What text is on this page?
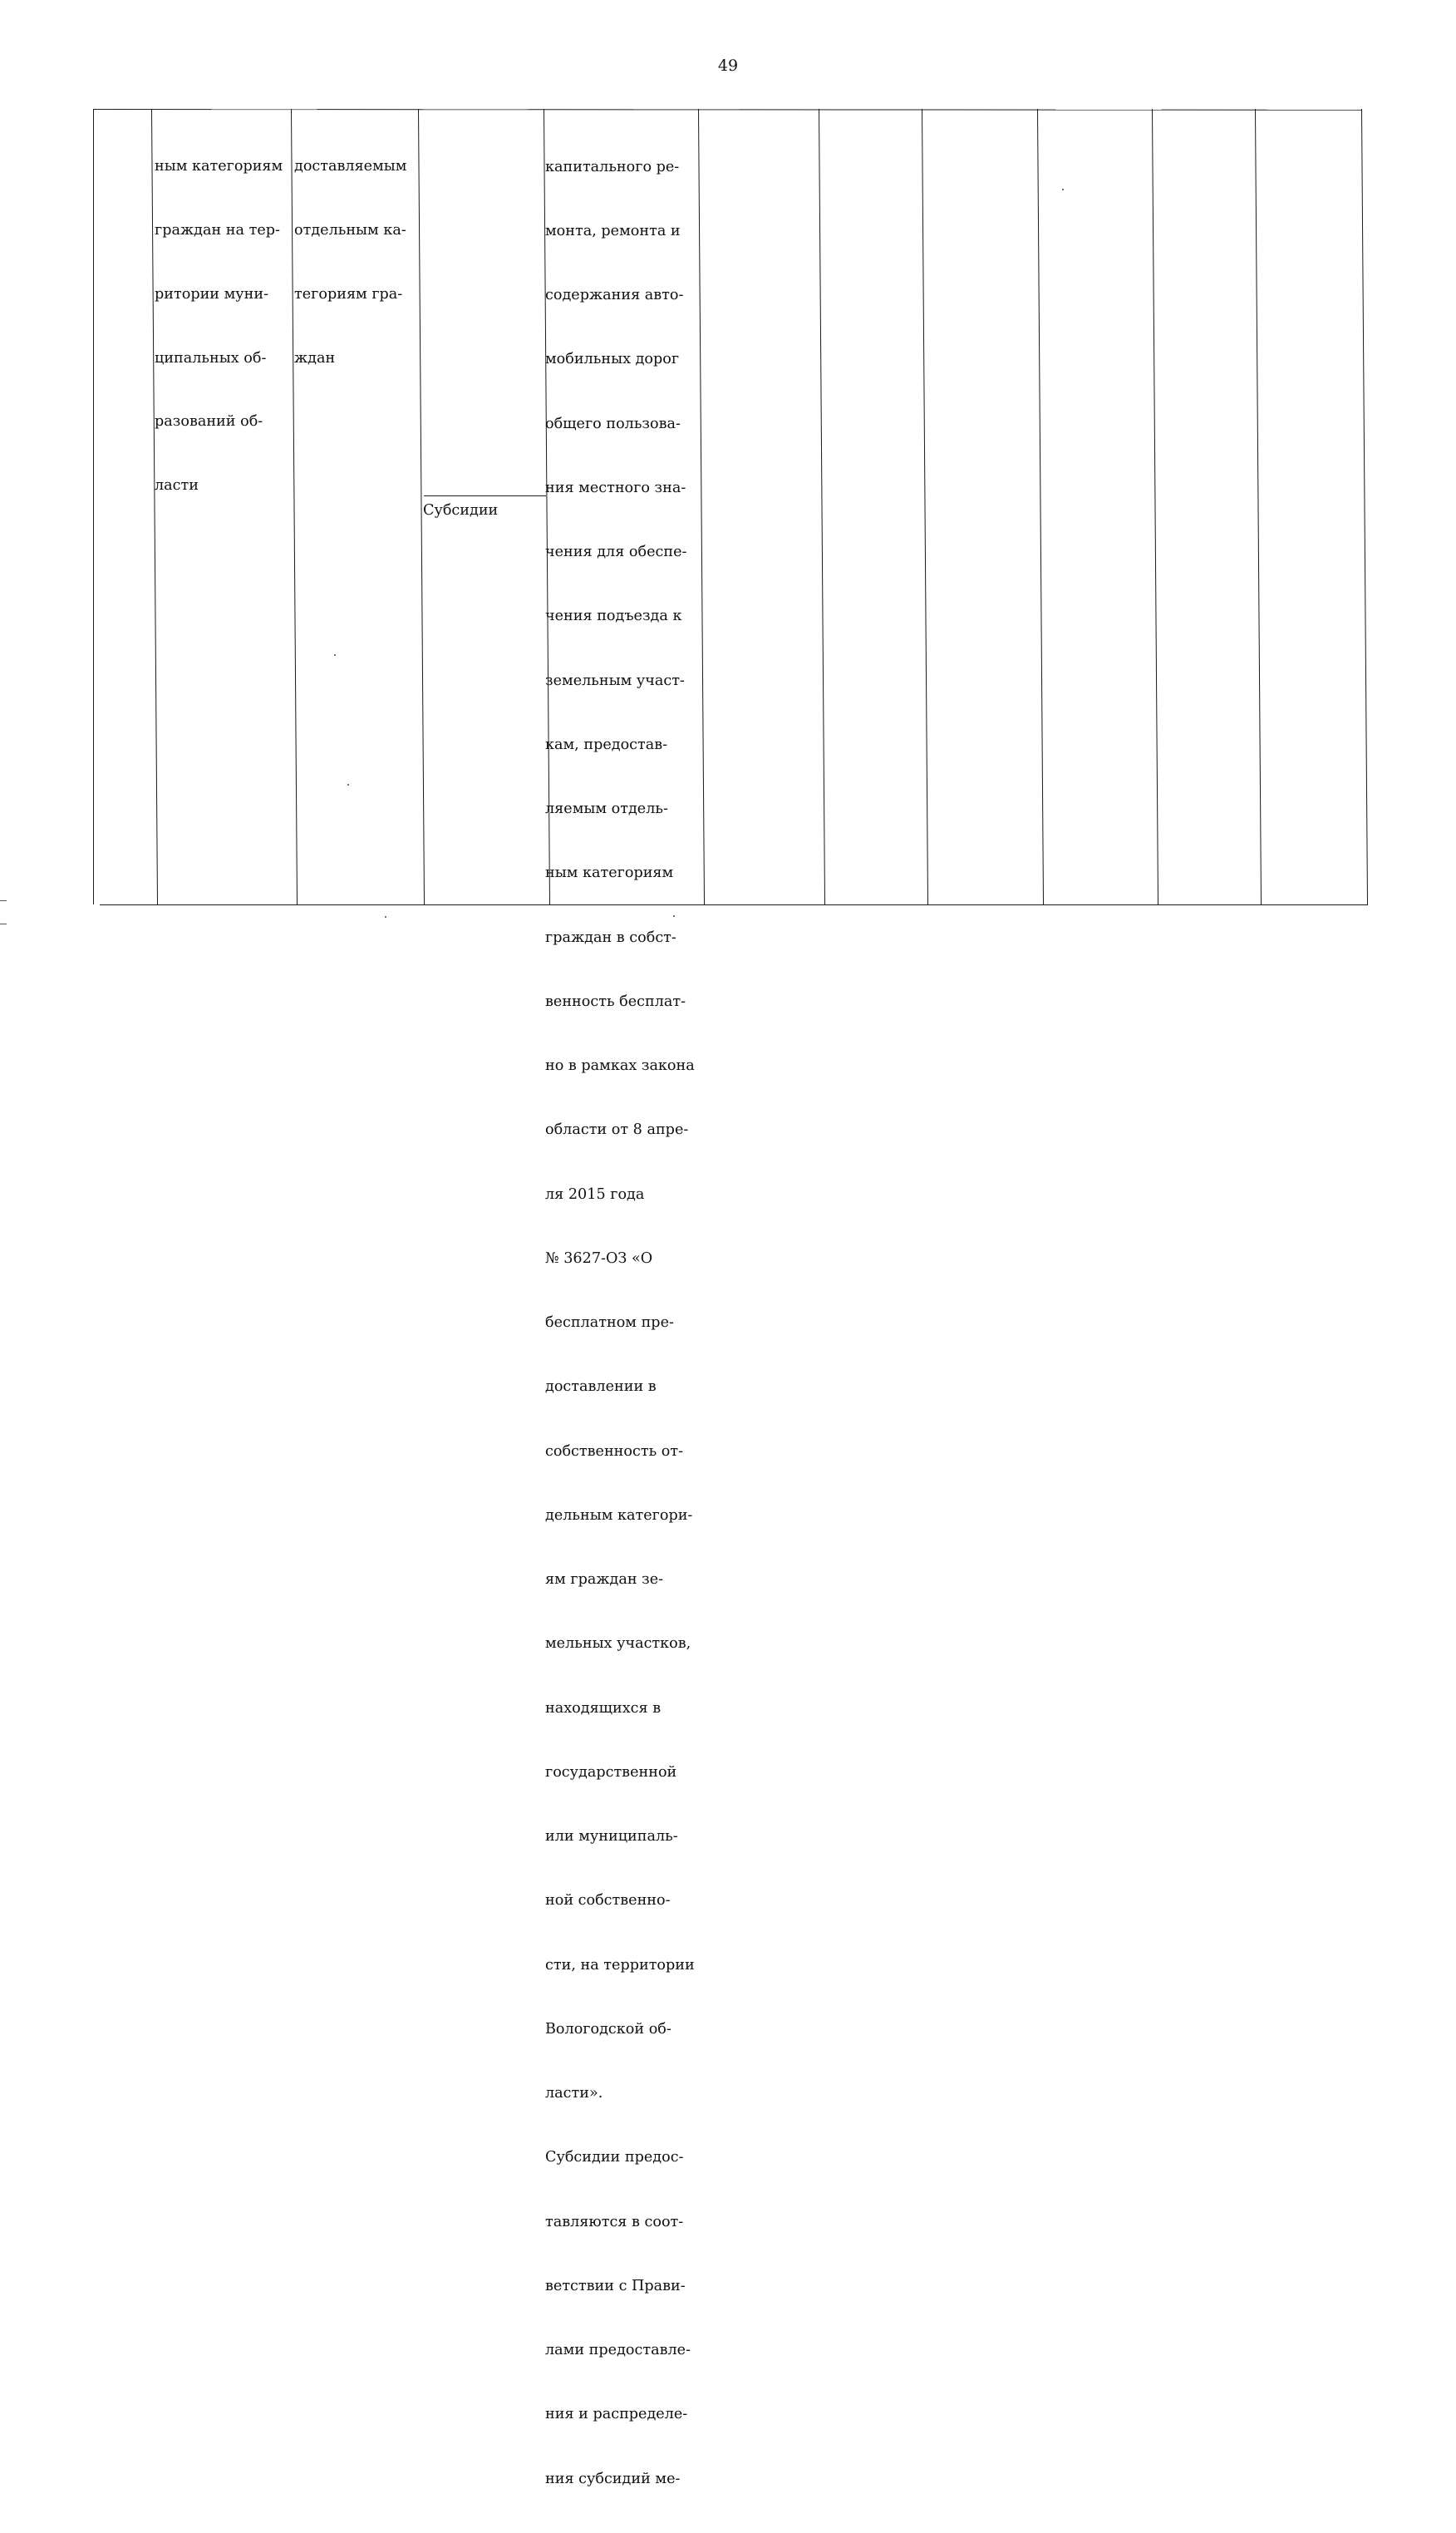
49

ным категориям

граждан на тер-

ритории муни-

ципальных об-

разований об-

ласти

доставляемым

отдельным ка-

тегориям гра-

ждан

Субсидии

капитального ре-

монта, ремонта и

содержания авто-

мобильных дорог

общего пользова-

ния местного зна-

чения для обеспе-

чения подъезда к

земельным участ-

кам, предостав-

ляемым отдель-

ным категориям

граждан в собст-

венность бесплат-

но в рамках закона

области от 8 апре-

ля 2015 года

№ 3627-ОЗ «О

бесплатном пре-

доставлении в

собственность от-

дельным категори-

ям граждан зе-

мельных участков,

находящихся в

государственной

или муниципаль-

ной собственно-

сти, на территории

Вологодской об-

ласти».

Субсидии предос-

тавляются в соот-

ветствии с Прави-

лами предоставле-

ния и распределе-

ния субсидий ме-
